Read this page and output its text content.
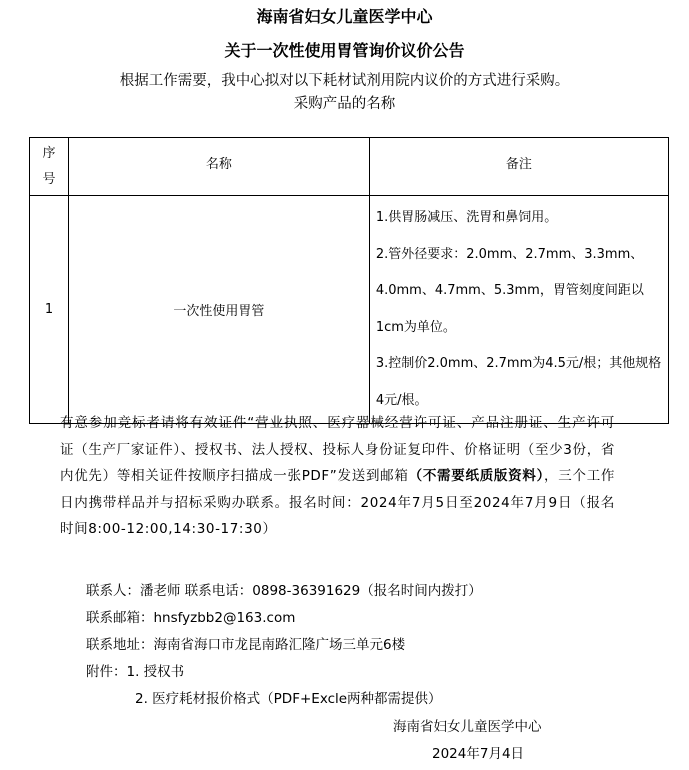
海南省妇女儿童医学中心
关于一次性使用胃管询价议价公告
根据工作需要，我中心拟对以下耗材试剂用院内议价的方式进行采购。
采购产品的名称
序号	名称	备注
1	一次性使用胃管	1.供胃肠减压、洗胃和鼻饲用。

2.管外径要求：2.0mm、2.7mm、3.3mm、4.0mm、4.7mm、5.3mm，胃管刻度间距以1cm为单位。

3.控制价2.0mm、2.7mm为4.5元/根；其他规格4元/根。

有意参加竞标者请将有效证件“营业执照、医疗器械经营许可证、产品注册证、生产许可证（生产厂家证件）、授权书、法人授权、投标人身份证复印件、价格证明（至少3份，省内优先）等相关证件按顺序扫描成一张PDF”发送到邮箱（不需要纸质版资料），三个工作日内携带样品并与招标采购办联系。报名时间：2024年7月5日至2024年7月9日（报名时间8:00-12:00,14:30-17:30）
联系人：潘老师 联系电话：0898-36391629（报名时间内拨打）
联系邮箱：hnsfyzbb2@163.com
联系地址：海南省海口市龙昆南路汇隆广场三单元6楼
附件：1. 授权书
2. 医疗耗材报价格式（PDF+Excle两种都需提供）
海南省妇女儿童医学中心
2024年7月4日
